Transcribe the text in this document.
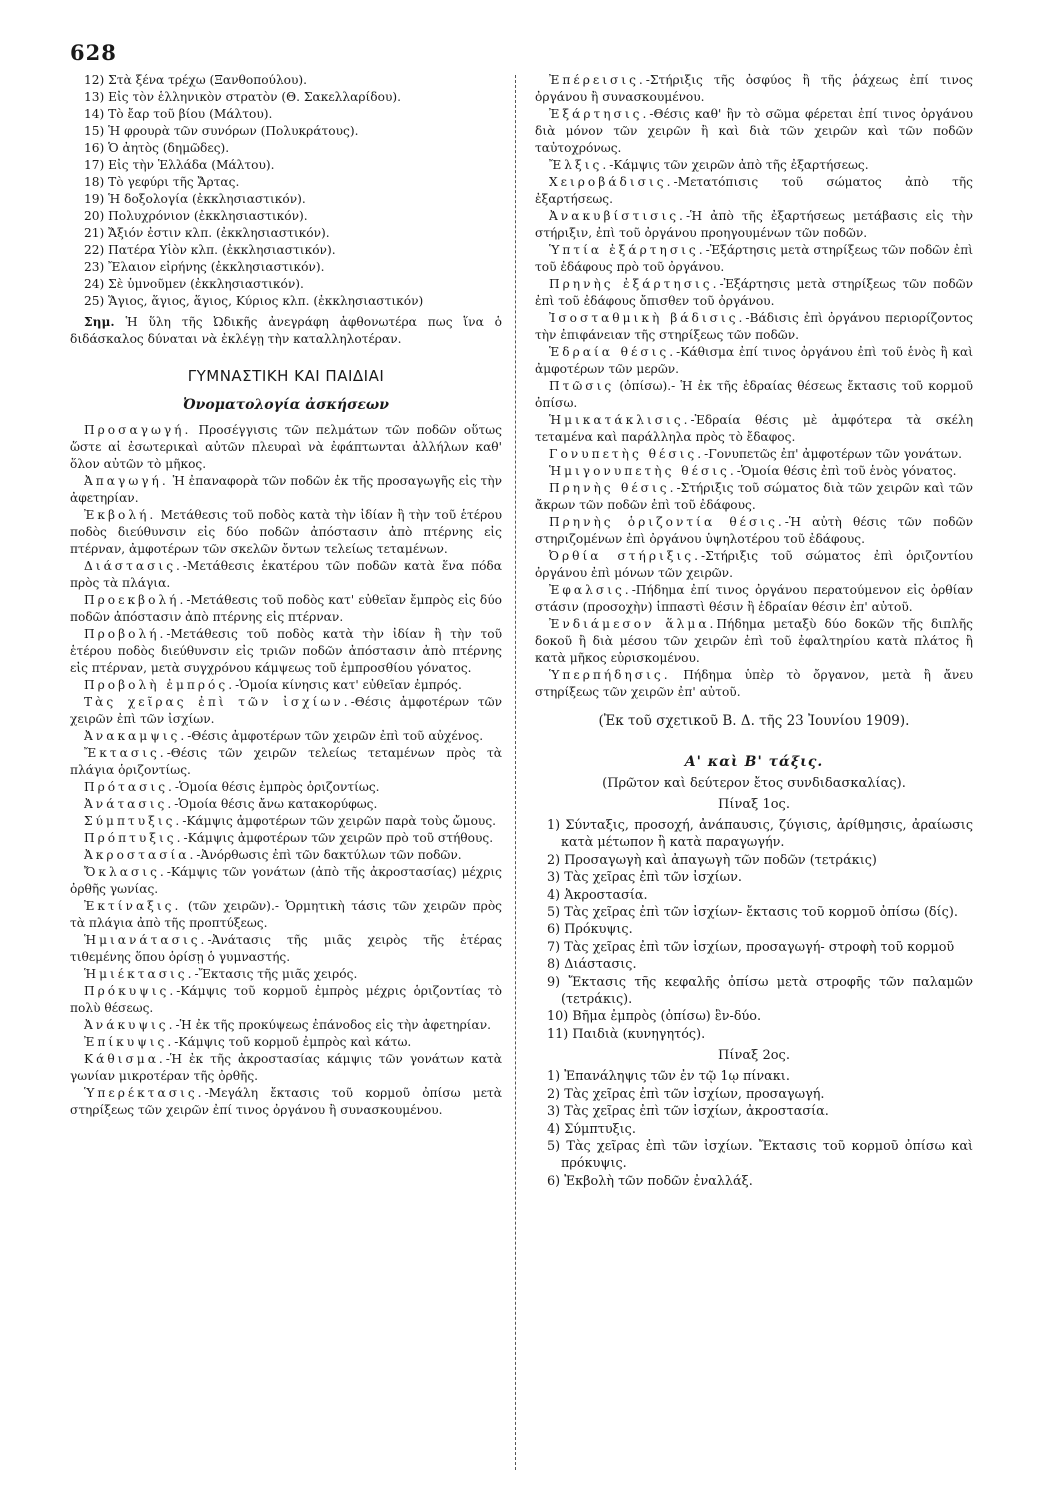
628

12) Στὰ ξένα τρέχω (Ξανθοπούλου).

13) Εἰς τὸν ἑλληνικὸν στρατὸν (Θ. Σακελλαρίδου).

14) Τὸ ἔαρ τοῦ βίου (Μάλτου).

15) Ἡ φρουρὰ τῶν συνόρων (Πολυκράτους).

16) Ὁ ἀητὸς (δημῶδες).

17) Εἰς τὴν Ἑλλάδα (Μάλτου).

18) Τὸ γεφύρι τῆς Ἄρτας.

19) Ἡ δοξολογία (ἐκκλησιαστικόν).

20) Πολυχρόνιον (ἐκκλησιαστικόν).

21) Ἄξιόν ἐστιν κλπ. (ἐκκλησιαστικόν).

22) Πατέρα Υἱὸν κλπ. (ἐκκλησιαστικόν).

23) Ἔλαιον εἰρήνης (ἐκκλησιαστικόν).

24) Σὲ ὑμνοῦμεν (ἐκκλησιαστικόν).

25) Ἅγιος, ἅγιος, ἅγιος, Κύριος κλπ. (ἐκκλησιαστικόν)

Σημ. Ἡ ὕλη τῆς Ὠδικῆς ἀνεγράφη ἀφθονωτέρα πως ἵνα ὁ διδάσκαλος δύναται νὰ ἐκλέγῃ τὴν καταλληλοτέραν.

ΓΥΜΝΑΣΤΙΚΗ ΚΑΙ ΠΑΙΔΙΑΙ
Ὀνοματολογία ἀσκήσεων

Προσαγωγή. Προσέγγισις τῶν πελμάτων τῶν ποδῶν οὕτως ὥστε αἱ ἐσωτερικαὶ αὐτῶν πλευραὶ νὰ ἐφάπτωνται ἀλλήλων καθ' ὅλον αὐτῶν τὸ μῆκος.

Ἀπαγωγή. Ἡ ἐπαναφορὰ τῶν ποδῶν ἐκ τῆς προσαγωγῆς εἰς τὴν ἀφετηρίαν.

Ἐκβολή. Μετάθεσις τοῦ ποδὸς κατὰ τὴν ἰδίαν ἢ τὴν τοῦ ἑτέρου ποδὸς διεύθυνσιν εἰς δύο ποδῶν ἀπόστασιν ἀπὸ πτέρνης εἰς πτέρναν, ἀμφοτέρων τῶν σκελῶν ὄντων τελείως τεταμένων.

Διάστασις.-Μετάθεσις ἑκατέρου τῶν ποδῶν κατὰ ἕνα πόδα πρὸς τὰ πλάγια.

Προεκβολή.-Μετάθεσις τοῦ ποδὸς κατ' εὐθεῖαν ἔμπρὸς εἰς δύο ποδῶν ἀπόστασιν ἀπὸ πτέρνης εἰς πτέρναν.

Προβολή.-Μετάθεσις τοῦ ποδὸς κατὰ τὴν ἰδίαν ἢ τὴν τοῦ ἑτέρου ποδὸς διεύθυνσιν εἰς τριῶν ποδῶν ἀπόστασιν ἀπὸ πτέρνης εἰς πτέρναν, μετὰ συγχρόνου κάμψεως τοῦ ἐμπροσθίου γόνατος.

Προβολὴ ἐμπρός.-Ὁμοία κίνησις κατ' εὐθεῖαν ἐμπρός.

Τὰς χεῖρας ἐπὶ τῶν ἰσχίων.-Θέσις ἀμφοτέρων τῶν χειρῶν ἐπὶ τῶν ἰσχίων.

Ἀνακαμψις.-Θέσις ἀμφοτέρων τῶν χειρῶν ἐπὶ τοῦ αὐχένος.

Ἔκτασις.-Θέσις τῶν χειρῶν τελείως τεταμένων πρὸς τὰ πλάγια ὁριζοντίως.

Πρότασις.-Ὁμοία θέσις ἐμπρὸς ὁριζοντίως.

Ἀνάτασις.-Ὁμοία θέσις ἄνω κατακορύφως.

Σύμπτυξις.-Κάμψις ἀμφοτέρων τῶν χειρῶν παρὰ τοὺς ὤμους.

Πρόπτυξις.-Κάμψις ἀμφοτέρων τῶν χειρῶν πρὸ τοῦ στήθους.

Ἀκροστασία.-Ἀνόρθωσις ἐπὶ τῶν δακτύλων τῶν ποδῶν.

Ὄκλασις.-Κάμψις τῶν γονάτων (ἀπὸ τῆς ἀκροστασίας) μέχρις ὀρθῆς γωνίας.

Ἐκτίναξις. (τῶν χειρῶν).- Ὁρμητικὴ τάσις τῶν χειρῶν πρὸς τὰ πλάγια ἀπὸ τῆς προπτύξεως.

Ἡμιανάτασις.-Ἀνάτασις τῆς μιᾶς χειρὸς τῆς ἑτέρας τιθεμένης ὅπου ὁρίσῃ ὁ γυμναστής.

Ἡμιέκτασις.-Ἔκτασις τῆς μιᾶς χειρός.

Πρόκυψις.-Κάμψις τοῦ κορμοῦ ἐμπρὸς μέχρις ὁριζοντίας τὸ πολὺ θέσεως.

Ἀνάκυψις.-Ἡ ἐκ τῆς προκύψεως ἐπάνοδος εἰς τὴν ἀφετηρίαν.

Ἐπίκυψις.-Κάμψις τοῦ κορμοῦ ἐμπρὸς καὶ κάτω.

Κάθισμα.-Ἡ ἐκ τῆς ἀκροστασίας κάμψις τῶν γονάτων κατὰ γωνίαν μικροτέραν τῆς ὀρθῆς.

Ὑπερέκτασις.-Μεγάλη ἔκτασις τοῦ κορμοῦ ὀπίσω μετὰ στηρίξεως τῶν χειρῶν ἐπί τινος ὀργάνου ἢ συνασκουμένου.

Ἐπέρεισις.-Στήριξις τῆς ὀσφύος ἢ τῆς ῥάχεως ἐπί τινος ὀργάνου ἢ συνασκουμένου.

Ἐξάρτησις.-Θέσις καθ' ἣν τὸ σῶμα φέρεται ἐπί τινος ὀργάνου διὰ μόνον τῶν χειρῶν ἢ καὶ διὰ τῶν χειρῶν καὶ τῶν ποδῶν ταὐτοχρόνως.

Ἔλξις.-Κάμψις τῶν χειρῶν ἀπὸ τῆς ἐξαρτήσεως.

Χειροβάδισις.-Μετατόπισις τοῦ σώματος ἀπὸ τῆς ἐξαρτήσεως.

Ἀνακυβίστισις.-Ἡ ἀπὸ τῆς ἐξαρτήσεως μετάβασις εἰς τὴν στήριξιν, ἐπὶ τοῦ ὀργάνου προηγουμένων τῶν ποδῶν.

Ὑπτία ἐξάρτησις.-Ἐξάρτησις μετὰ στηρίξεως τῶν ποδῶν ἐπὶ τοῦ ἐδάφους πρὸ τοῦ ὀργάνου.

Πρηνὴς ἐξάρτησις.-Ἐξάρτησις μετὰ στηρίξεως τῶν ποδῶν ἐπὶ τοῦ ἐδάφους ὄπισθεν τοῦ ὀργάνου.

Ἰσοσταθμικὴ βάδισις.-Βάδισις ἐπὶ ὀργάνου περιορίζοντος τὴν ἐπιφάνειαν τῆς στηρίξεως τῶν ποδῶν.

Ἑδραία θέσις.-Κάθισμα ἐπί τινος ὀργάνου ἐπὶ τοῦ ἑνὸς ἢ καὶ ἀμφοτέρων τῶν μερῶν.

Πτῶσις (ὀπίσω).- Ἡ ἐκ τῆς ἑδραίας θέσεως ἔκτασις τοῦ κορμοῦ ὀπίσω.

Ἡμικατάκλισις.-Ἑδραία θέσις μὲ ἀμφότερα τὰ σκέλη τεταμένα καὶ παράλληλα πρὸς τὸ ἔδαφος.

Γονυπετὴς θέσις.-Γονυπετῶς ἐπ' ἀμφοτέρων τῶν γονάτων.

Ἡμιγονυπετὴς θέσις.-Ὁμοία θέσις ἐπὶ τοῦ ἑνὸς γόνατος.

Πρηνὴς θέσις.-Στήριξις τοῦ σώματος διὰ τῶν χειρῶν καὶ τῶν ἄκρων τῶν ποδῶν ἐπὶ τοῦ ἐδάφους.

Πρηνὴς ὁριζοντία θέσις.-Ἡ αὐτὴ θέσις τῶν ποδῶν στηριζομένων ἐπὶ ὀργάνου ὑψηλοτέρου τοῦ ἐδάφους.

Ὀρθία στήριξις.-Στήριξις τοῦ σώματος ἐπὶ ὁριζοντίου ὀργάνου ἐπὶ μόνων τῶν χειρῶν.

Ἐφαλσις.-Πήδημα ἐπί τινος ὀργάνου περατούμενον εἰς ὀρθίαν στάσιν (προσοχὴν) ἱππαστὶ θέσιν ἢ ἑδραίαν θέσιν ἐπ' αὐτοῦ.

Ἐνδιάμεσον ἅλμα.Πήδημα μεταξὺ δύο δοκῶν τῆς διπλῆς δοκοῦ ἢ διὰ μέσου τῶν χειρῶν ἐπὶ τοῦ ἐφαλτηρίου κατὰ πλάτος ἢ κατὰ μῆκος εὑρισκομένου.

Ὑπερπήδησις. Πήδημα ὑπὲρ τὸ ὄργανον, μετὰ ἢ ἄνευ στηρίξεως τῶν χειρῶν ἐπ' αὐτοῦ.

(Ἐκ τοῦ σχετικοῦ Β. Δ. τῆς 23 Ἰουνίου 1909).
Α' καὶ Β' τάξις.
(Πρῶτον καὶ δεύτερον ἔτος συνδιδασκαλίας).
Πίναξ 1ος.

1) Σύνταξις, προσοχή, ἀνάπαυσις, ζύγισις, ἀρίθμησις, ἀραίωσις κατὰ μέτωπον ἢ κατὰ παραγωγήν.

2) Προσαγωγὴ καὶ ἀπαγωγὴ τῶν ποδῶν (τετράκις)

3) Τὰς χεῖρας ἐπὶ τῶν ἰσχίων.

4) Ἀκροστασία.

5) Τὰς χεῖρας ἐπὶ τῶν ἰσχίων- ἔκτασις τοῦ κορμοῦ ὀπίσω (δίς).

6) Πρόκυψις.

7) Τὰς χεῖρας ἐπὶ τῶν ἰσχίων, προσαγωγή- στροφὴ τοῦ κορμοῦ

8) Διάστασις.

9) Ἔκτασις τῆς κεφαλῆς ὀπίσω μετὰ στροφῆς τῶν παλαμῶν (τετράκις).

10) Βῆμα ἐμπρὸς (ὀπίσω) ἓν-δύο.

11) Παιδιὰ (κυνηγητός).

Πίναξ 2ος.

1) Ἐπανάληψις τῶν ἐν τῷ 1ῳ πίνακι.

2) Τὰς χεῖρας ἐπὶ τῶν ἰσχίων, προσαγωγή.

3) Τὰς χεῖρας ἐπὶ τῶν ἰσχίων, ἀκροστασία.

4) Σύμπτυξις.

5) Τὰς χεῖρας ἐπὶ τῶν ἰσχίων. Ἔκτασις τοῦ κορμοῦ ὀπίσω καὶ πρόκυψις.

6) Ἐκβολὴ τῶν ποδῶν ἐναλλάξ.
